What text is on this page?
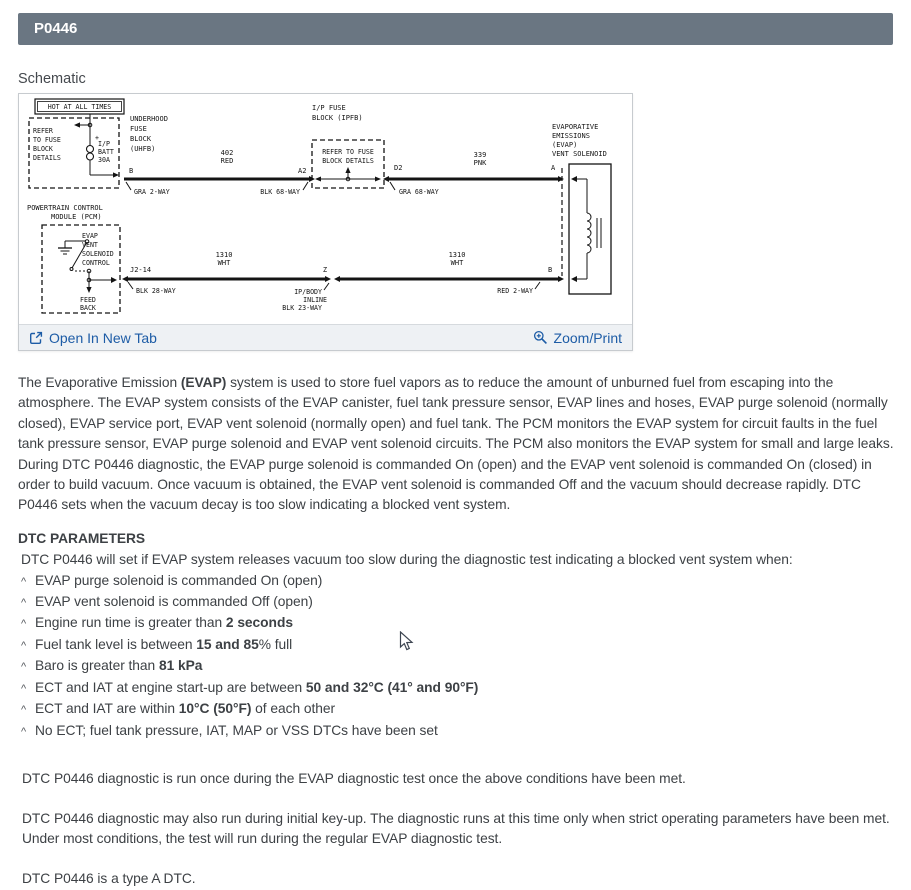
P0446
Schematic
HOT AT ALL TIMES
REFER
TO FUSE
BLOCK
DETAILS
+
I/P
BATT
30A
UNDERHOOD
FUSE
BLOCK
(UHFB)
B	A2
402
RED
GRA 2-WAY	BLK 68-WAY
I/P FUSE
BLOCK (IPFB)
REFER TO FUSE
BLOCK DETAILS
D2	A
339
PNK
GRA 68-WAY
EVAPORATIVE
EMISSIONS
(EVAP)
VENT SOLENOID
POWERTRAIN CONTROL
MODULE (PCM)
EVAP
VENT
SOLENOID
CONTROL
FEED
BACK
J2-14
1310
WHT
BLK 28-WAY
Z
IP/BODY
INLINE
BLK 23-WAY
1310
WHT
B
RED 2-WAY
Open In New Tab	Zoom/Print
The Evaporative Emission (EVAP) system is used to store fuel vapors as to reduce the amount of unburned fuel from escaping into the atmosphere. The EVAP system consists of the EVAP canister, fuel tank pressure sensor, EVAP lines and hoses, EVAP purge solenoid (normally closed), EVAP service port, EVAP vent solenoid (normally open) and fuel tank. The PCM monitors the EVAP system for circuit faults in the fuel tank pressure sensor, EVAP purge solenoid and EVAP vent solenoid circuits. The PCM also monitors the EVAP system for small and large leaks. During DTC P0446 diagnostic, the EVAP purge solenoid is commanded On (open) and the EVAP vent solenoid is commanded On (closed) in order to build vacuum. Once vacuum is obtained, the EVAP vent solenoid is commanded Off and the vacuum should decrease rapidly. DTC P0446 sets when the vacuum decay is too slow indicating a blocked vent system.
DTC PARAMETERS
DTC P0446 will set if EVAP system releases vacuum too slow during the diagnostic test indicating a blocked vent system when:
^ EVAP purge solenoid is commanded On (open)
^ EVAP vent solenoid is commanded Off (open)
^ Engine run time is greater than 2 seconds
^ Fuel tank level is between 15 and 85% full
^ Baro is greater than 81 kPa
^ ECT and IAT at engine start-up are between 50 and 32°C (41° and 90°F)
^ ECT and IAT are within 10°C (50°F) of each other
^ No ECT; fuel tank pressure, IAT, MAP or VSS DTCs have been set

DTC P0446 diagnostic is run once during the EVAP diagnostic test once the above conditions have been met.

DTC P0446 diagnostic may also run during initial key-up. The diagnostic runs at this time only when strict operating parameters have been met. Under most conditions, the test will run during the regular EVAP diagnostic test.

DTC P0446 is a type A DTC.
